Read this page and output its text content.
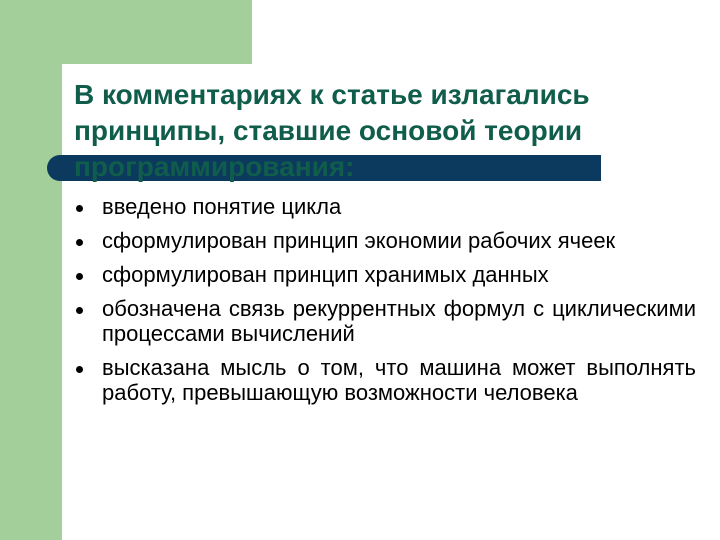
В комментариях к статье излагались принципы, ставшие основой теории программирования:
введено понятие цикла
сформулирован принцип экономии рабочих ячеек
сформулирован принцип хранимых данных
обозначена связь рекуррентных формул с циклическими процессами вычислений
высказана мысль о том, что машина может выполнять работу, превышающую возможности человека
